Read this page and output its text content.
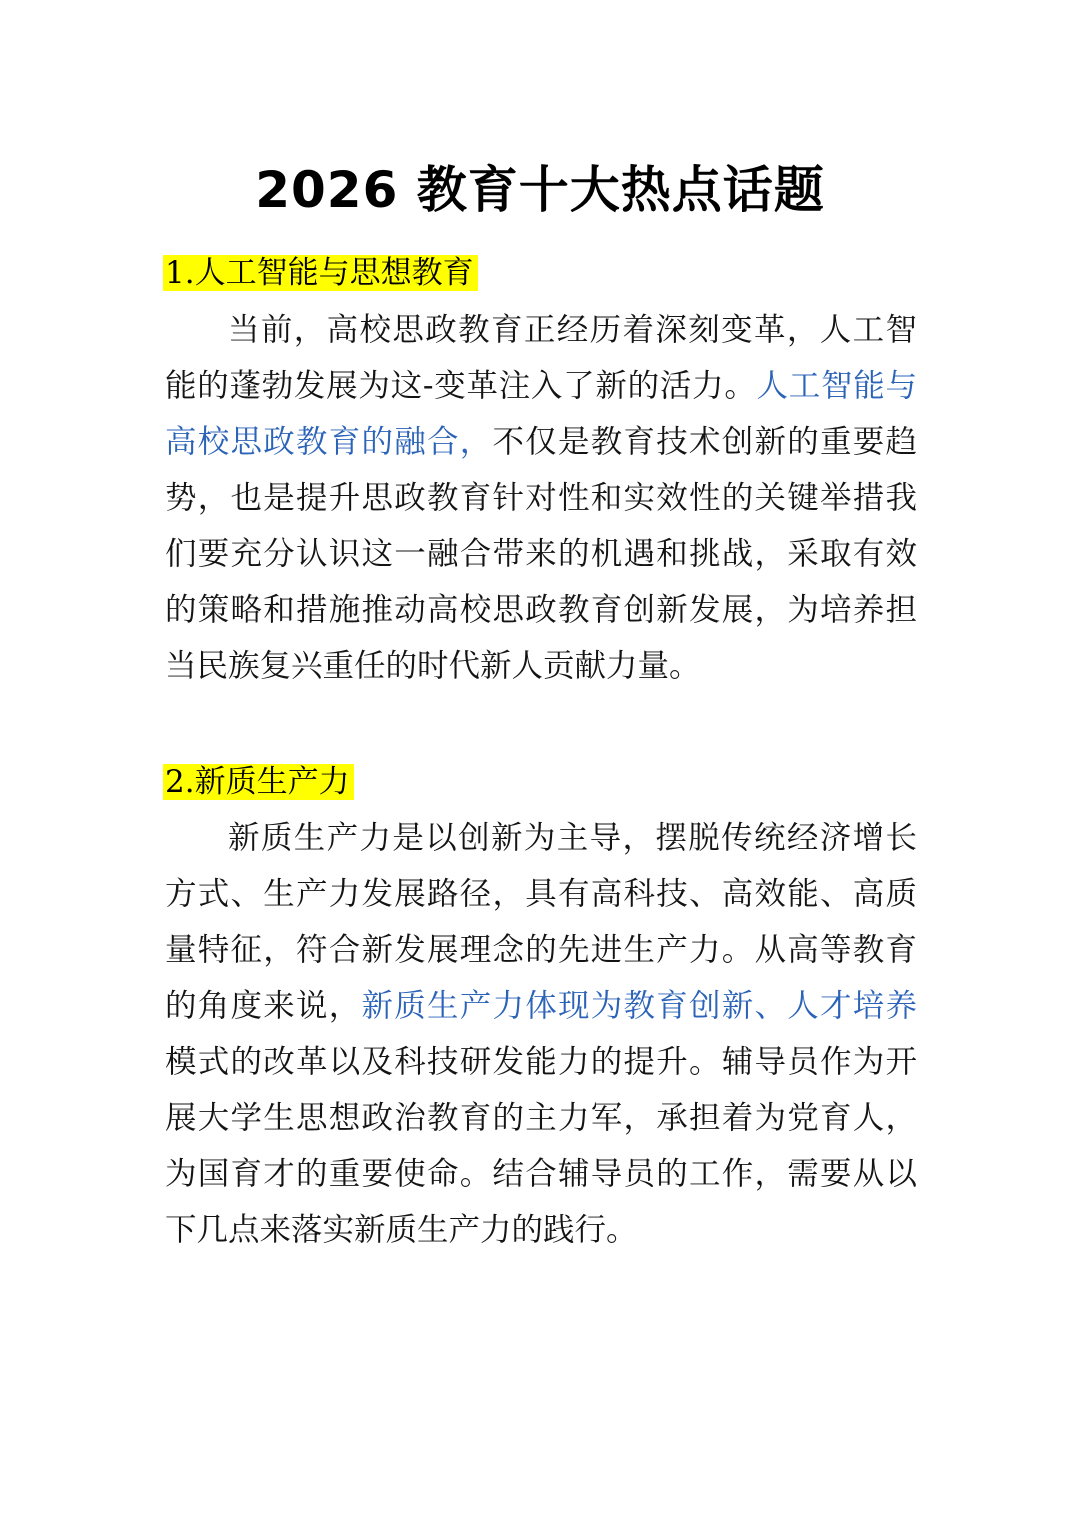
2026 教育十大热点话题
1.人工智能与思想教育

当前，高校思政教育正经历着深刻变革，人工智能的蓬勃发展为这-变革注入了新的活力。人工智能与高校思政教育的融合，不仅是教育技术创新的重要趋势，也是提升思政教育针对性和实效性的关键举措我们要充分认识这一融合带来的机遇和挑战，采取有效的策略和措施推动高校思政教育创新发展，为培养担当民族复兴重任的时代新人贡献力量。

2.新质生产力

新质生产力是以创新为主导，摆脱传统经济增长方式、生产力发展路径，具有高科技、高效能、高质量特征，符合新发展理念的先进生产力。从高等教育的角度来说，新质生产力体现为教育创新、人才培养模式的改革以及科技研发能力的提升。辅导员作为开展大学生思想政治教育的主力军，承担着为党育人，为国育才的重要使命。结合辅导员的工作，需要从以下几点来落实新质生产力的践行。
